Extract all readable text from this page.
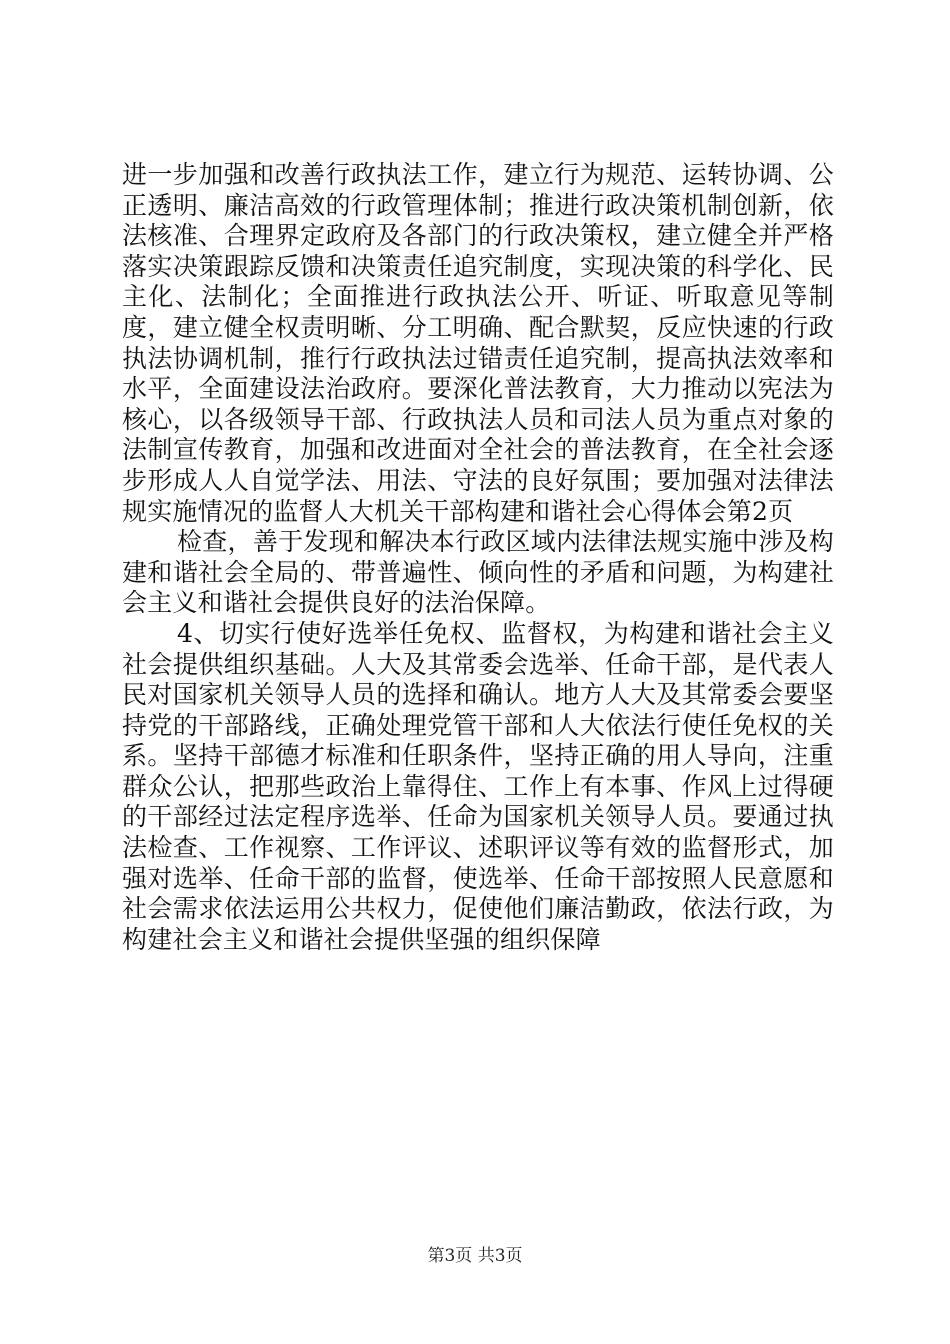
进一步加强和改善行政执法工作，建立行为规范、运转协调、公正透明、廉洁高效的行政管理体制；推进行政决策机制创新，依法核准、合理界定政府及各部门的行政决策权，建立健全并严格落实决策跟踪反馈和决策责任追究制度，实现决策的科学化、民主化、法制化；全面推进行政执法公开、听证、听取意见等制度，建立健全权责明晰、分工明确、配合默契，反应快速的行政执法协调机制，推行行政执法过错责任追究制，提高执法效率和水平，全面建设法治政府。要深化普法教育，大力推动以宪法为核心，以各级领导干部、行政执法人员和司法人员为重点对象的法制宣传教育，加强和改进面对全社会的普法教育，在全社会逐步形成人人自觉学法、用法、守法的良好氛围；要加强对法律法规实施情况的监督人大机关干部构建和谐社会心得体会第2页

检查，善于发现和解决本行政区域内法律法规实施中涉及构建和谐社会全局的、带普遍性、倾向性的矛盾和问题，为构建社会主义和谐社会提供良好的法治保障。

4、切实行使好选举任免权、监督权，为构建和谐社会主义社会提供组织基础。人大及其常委会选举、任命干部，是代表人民对国家机关领导人员的选择和确认。地方人大及其常委会要坚持党的干部路线，正确处理党管干部和人大依法行使任免权的关系。坚持干部德才标准和任职条件，坚持正确的用人导向，注重群众公认，把那些政治上靠得住、工作上有本事、作风上过得硬的干部经过法定程序选举、任命为国家机关领导人员。要通过执法检查、工作视察、工作评议、述职评议等有效的监督形式，加强对选举、任命干部的监督，使选举、任命干部按照人民意愿和社会需求依法运用公共权力，促使他们廉洁勤政，依法行政，为构建社会主义和谐社会提供坚强的组织保障

第3页 共3页
